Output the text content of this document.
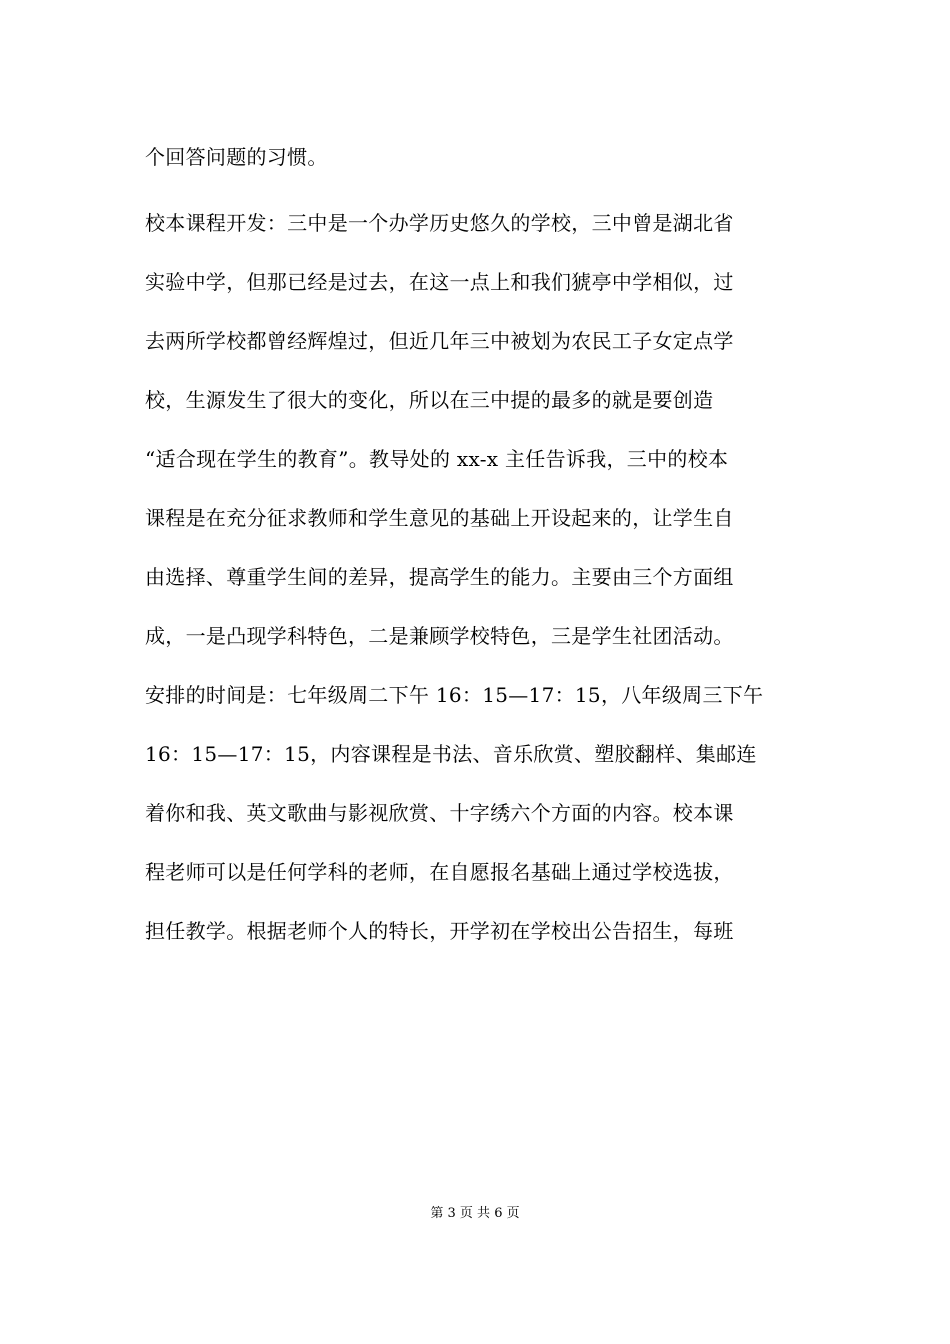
个回答问题的习惯。
校本课程开发：三中是一个办学历史悠久的学校，三中曾是湖北省
实验中学，但那已经是过去，在这一点上和我们猇亭中学相似，过
去两所学校都曾经辉煌过，但近几年三中被划为农民工子女定点学
校，生源发生了很大的变化，所以在三中提的最多的就是要创造
“适合现在学生的教育”。教导处的 xx-x 主任告诉我，三中的校本
课程是在充分征求教师和学生意见的基础上开设起来的，让学生自
由选择、尊重学生间的差异，提高学生的能力。主要由三个方面组
成，一是凸现学科特色，二是兼顾学校特色，三是学生社团活动。
安排的时间是：七年级周二下午 16：15—17：15，八年级周三下午
16：15—17：15，内容课程是书法、音乐欣赏、塑胶翻样、集邮连
着你和我、英文歌曲与影视欣赏、十字绣六个方面的内容。校本课
程老师可以是任何学科的老师，在自愿报名基础上通过学校选拔，
担任教学。根据老师个人的特长，开学初在学校出公告招生，每班
第 3 页 共 6 页
